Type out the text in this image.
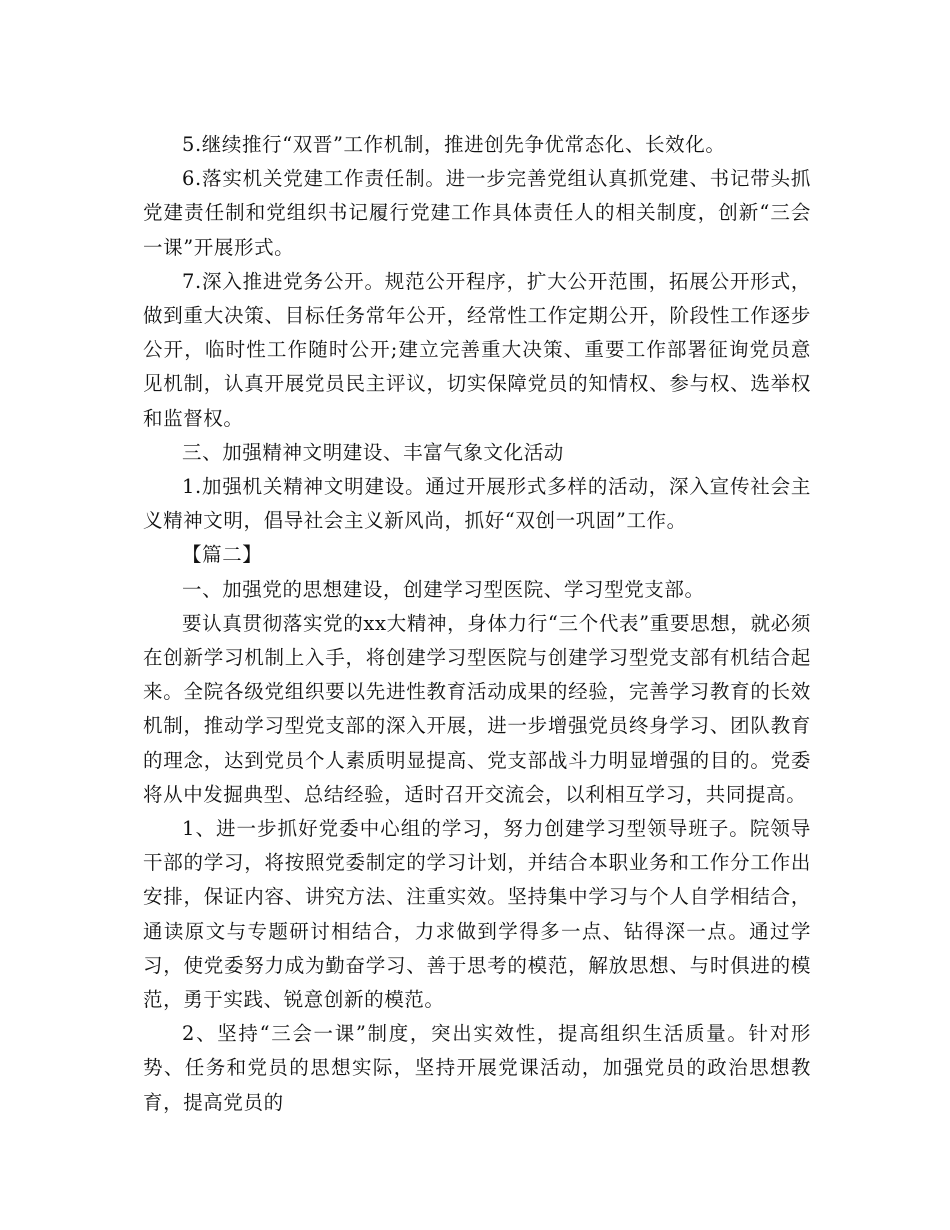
5.继续推行“双晋”工作机制，推进创先争优常态化、长效化。

6.落实机关党建工作责任制。进一步完善党组认真抓党建、书记带头抓党建责任制和党组织书记履行党建工作具体责任人的相关制度，创新“三会一课”开展形式。

7.深入推进党务公开。规范公开程序，扩大公开范围，拓展公开形式，做到重大决策、目标任务常年公开，经常性工作定期公开，阶段性工作逐步公开，临时性工作随时公开;建立完善重大决策、重要工作部署征询党员意见机制，认真开展党员民主评议，切实保障党员的知情权、参与权、选举权和监督权。

三、加强精神文明建设、丰富气象文化活动

1.加强机关精神文明建设。通过开展形式多样的活动，深入宣传社会主义精神文明，倡导社会主义新风尚，抓好“双创一巩固”工作。

【篇二】

一、加强党的思想建设，创建学习型医院、学习型党支部。

要认真贯彻落实党的xx大精神，身体力行“三个代表”重要思想，就必须在创新学习机制上入手，将创建学习型医院与创建学习型党支部有机结合起来。全院各级党组织要以先进性教育活动成果的经验，完善学习教育的长效机制，推动学习型党支部的深入开展，进一步增强党员终身学习、团队教育的理念，达到党员个人素质明显提高、党支部战斗力明显增强的目的。党委将从中发掘典型、总结经验，适时召开交流会，以利相互学习，共同提高。

1、进一步抓好党委中心组的学习，努力创建学习型领导班子。院领导干部的学习，将按照党委制定的学习计划，并结合本职业务和工作分工作出安排，保证内容、讲究方法、注重实效。坚持集中学习与个人自学相结合，通读原文与专题研讨相结合，力求做到学得多一点、钻得深一点。通过学习，使党委努力成为勤奋学习、善于思考的模范，解放思想、与时俱进的模范，勇于实践、锐意创新的模范。

2、坚持“三会一课”制度，突出实效性，提高组织生活质量。针对形势、任务和党员的思想实际，坚持开展党课活动，加强党员的政治思想教育，提高党员的
